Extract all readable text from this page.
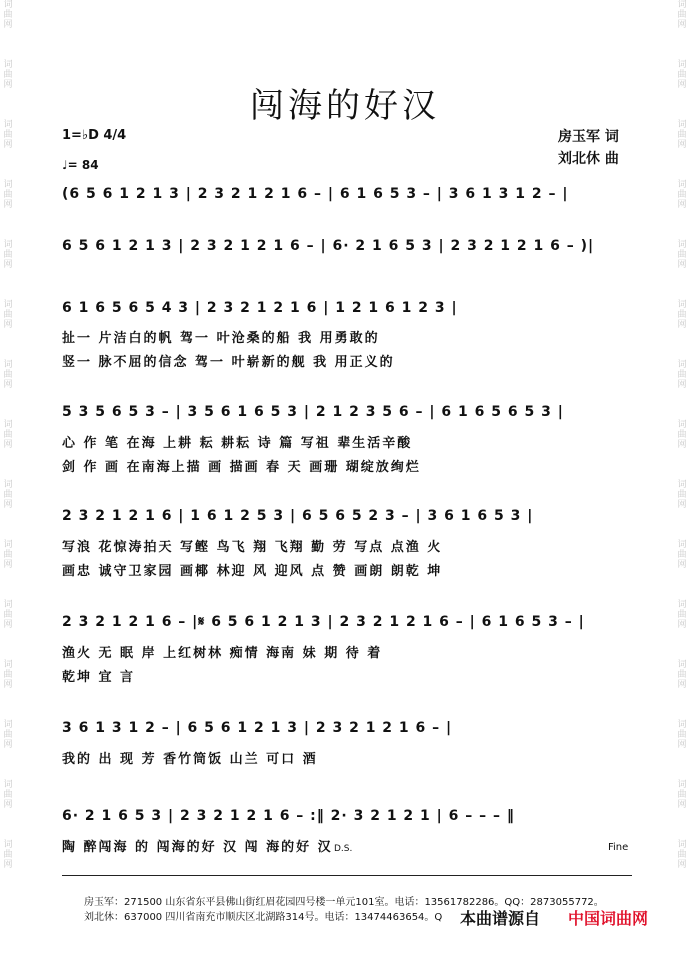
词曲网
词曲网
词曲网
词曲网
词曲网
词曲网
词曲网
词曲网
词曲网
词曲网
词曲网
词曲网
词曲网
词曲网
词曲网
词曲网
词曲网
词曲网
词曲网
词曲网
词曲网
词曲网
词曲网
词曲网
词曲网
词曲网
词曲网
词曲网
词曲网
词曲网
闯海的好汉
1=♭D 4/4
♩= 84
房玉军 词
刘北休 曲
(6 5 6 1 2 1 3 | 2 3 2 1 2 1 6 – | 6 1 6 5 3 – | 3 6 1 3 1 2 – |
6 5 6 1 2 1 3 | 2 3 2 1 2 1 6 – | 6· 2 1 6 5 3 | 2 3 2 1 2 1 6 – )|
6 1 6 5 6 5 4 3 | 2 3 2 1 2 1 6 | 1 2 1 6 1 2 3 |
扯一 片洁白的帆 驾一 叶沧桑的船 我 用勇敢的
竖一 脉不屈的信念 驾一 叶崭新的舰 我 用正义的
5 3 5 6 5 3 – | 3 5 6 1 6 5 3 | 2 1 2 3 5 6 – | 6 1 6 5 6 5 3 |
心 作 笔 在海 上耕 耘 耕耘 诗 篇 写祖 辈生活辛酸
剑 作 画 在南海上描 画 描画 春 天 画珊 瑚绽放绚烂
2 3 2 1 2 1 6 | 1 6 1 2 5 3 | 6 5 6 5 2 3 – | 3 6 1 6 5 3 |
写浪 花惊涛拍天 写鲣 鸟飞 翔 飞翔 勤 劳 写点 点渔 火
画忠 诚守卫家园 画椰 林迎 风 迎风 点 赞 画朗 朗乾 坤
2 3 2 1 2 1 6 – |𝄋 6 5 6 1 2 1 3 | 2 3 2 1 2 1 6 – | 6 1 6 5 3 – |
渔火 无 眠 岸 上红树林 痴情 海南 妹 期 待 着
乾坤 宜 言
3 6 1 3 1 2 – | 6 5 6 1 2 1 3 | 2 3 2 1 2 1 6 – |
我的 出 现 芳 香竹筒饭 山兰 可口 酒
6· 2 1 6 5 3 | 2 3 2 1 2 1 6 – :‖ 2· 3 2 1 2 1 | 6 – – – ‖
陶 醉闯海 的 闯海的好 汉 闯 海的好 汉 D.S.	Fine
房玉军：271500 山东省东平县佛山街红眉花园四号楼一单元101室。电话：13561782286。QQ：2873055772。
刘北休：637000 四川省南充市顺庆区北湖路314号。电话：13474463654。Q 本曲谱源自 中国词曲网
